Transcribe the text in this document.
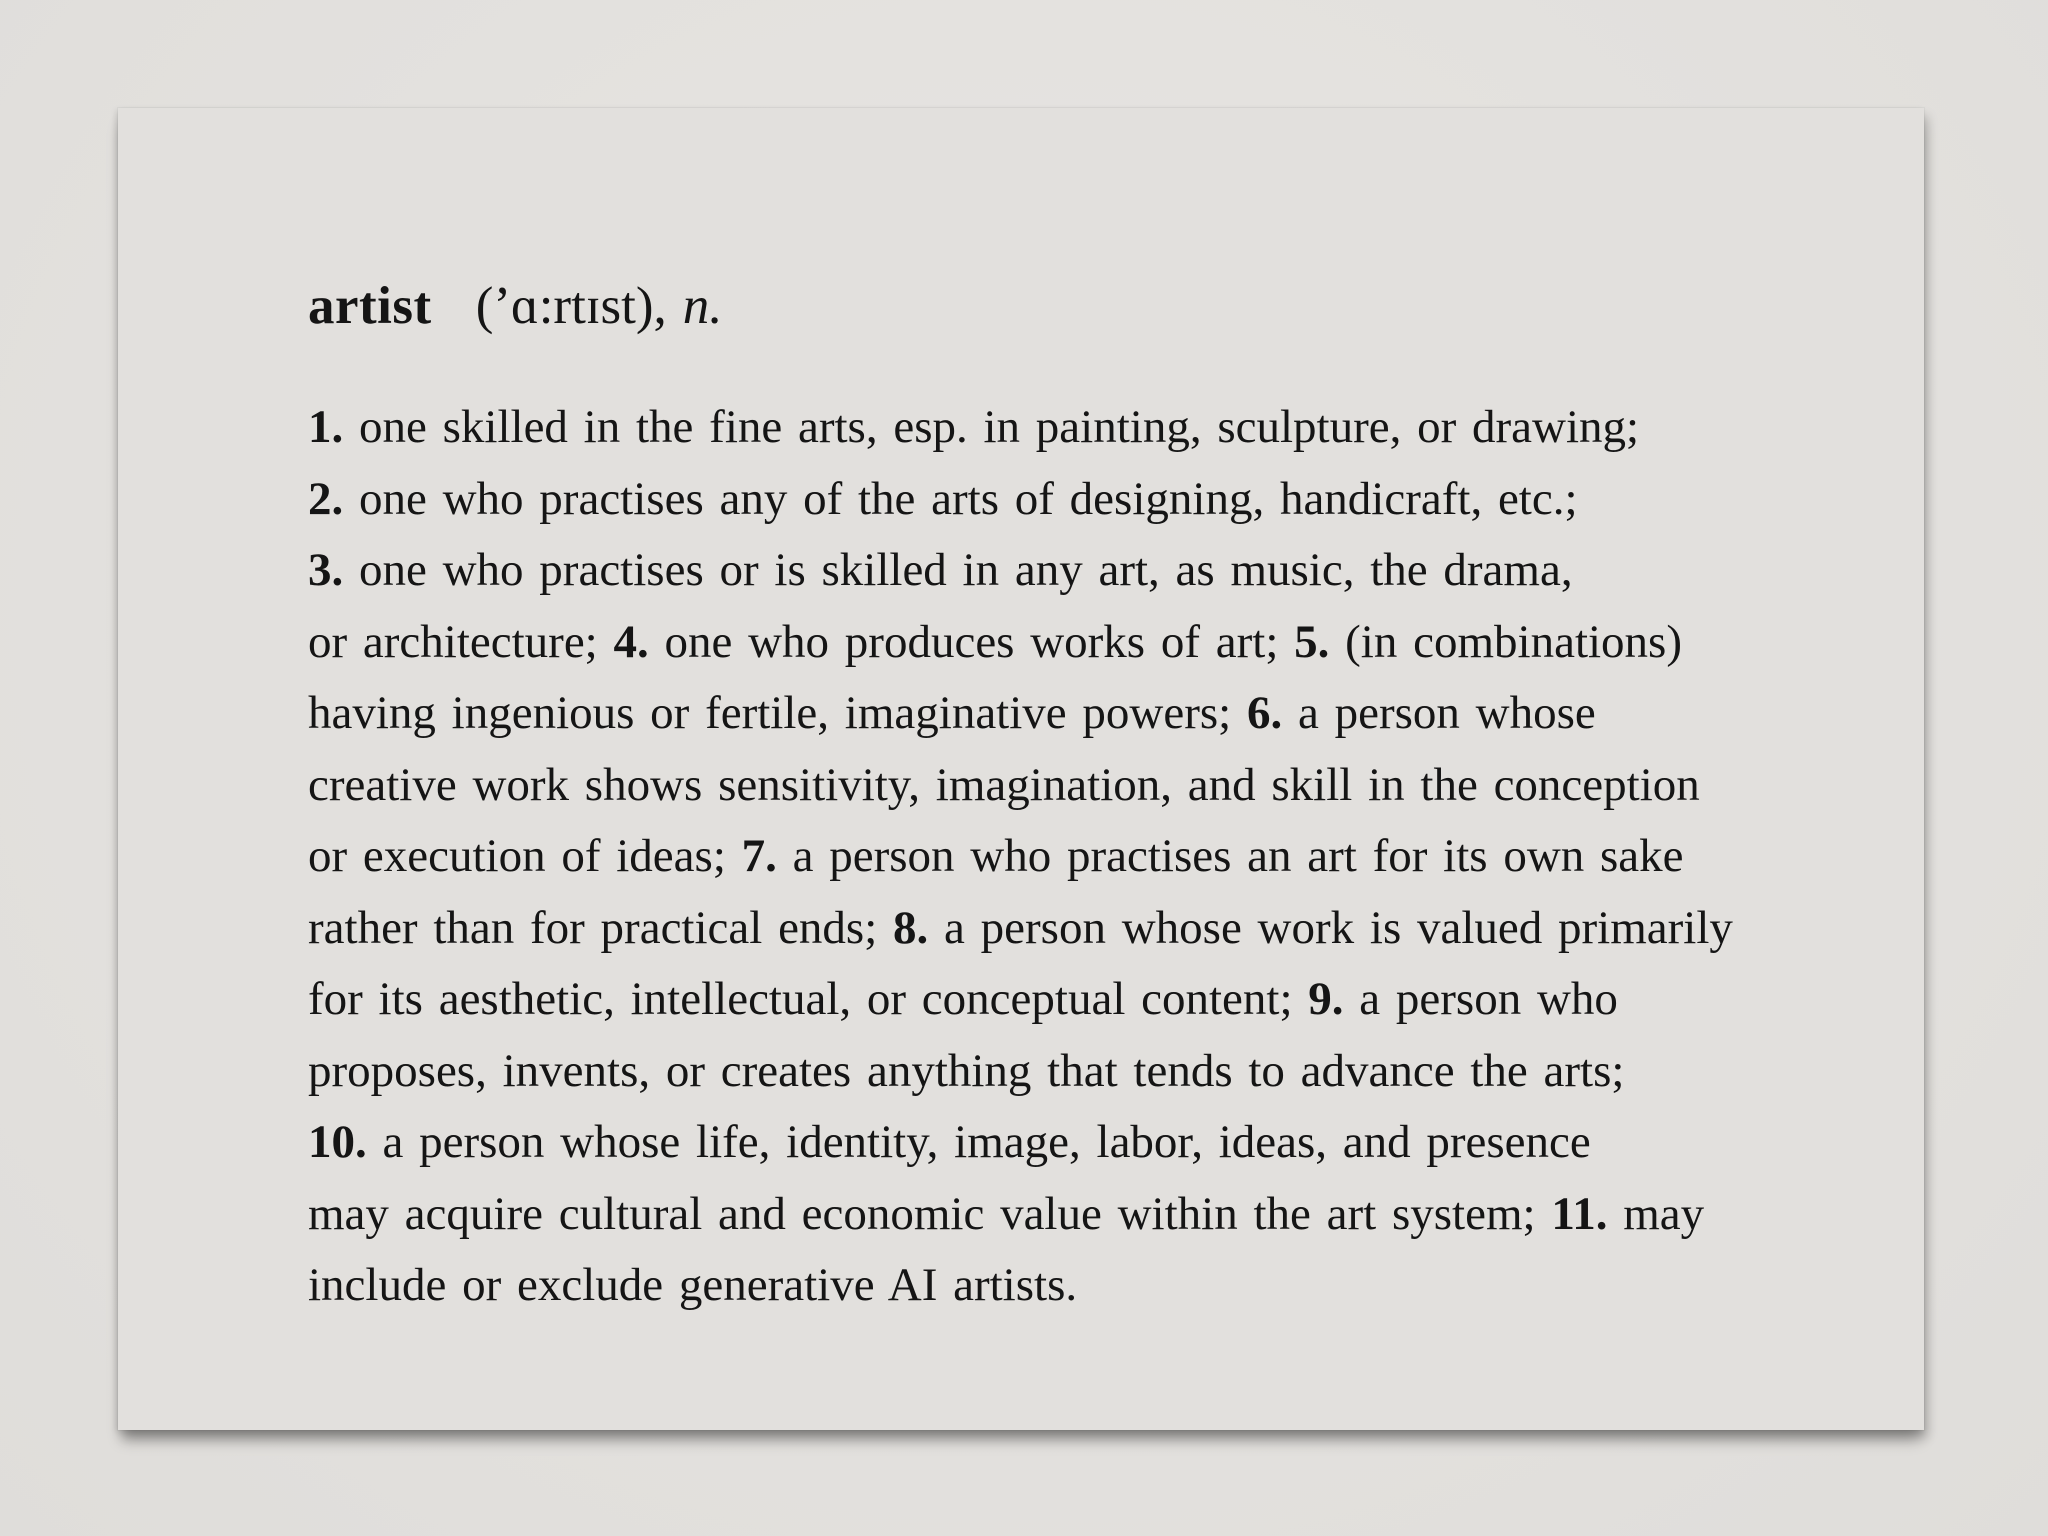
artist (’ɑ:rtɪst), n.
1. one skilled in the fine arts, esp. in painting, sculpture, or drawing;
2. one who practises any of the arts of designing, handicraft, etc.;
3. one who practises or is skilled in any art, as music, the drama,
or architecture; 4. one who produces works of art; 5. (in combinations)
having ingenious or fertile, imaginative powers; 6. a person whose
creative work shows sensitivity, imagination, and skill in the conception
or execution of ideas; 7. a person who practises an art for its own sake
rather than for practical ends; 8. a person whose work is valued primarily
for its aesthetic, intellectual, or conceptual content; 9. a person who
proposes, invents, or creates anything that tends to advance the arts;
10. a person whose life, identity, image, labor, ideas, and presence
may acquire cultural and economic value within the art system; 11. may
include or exclude generative AI artists.
